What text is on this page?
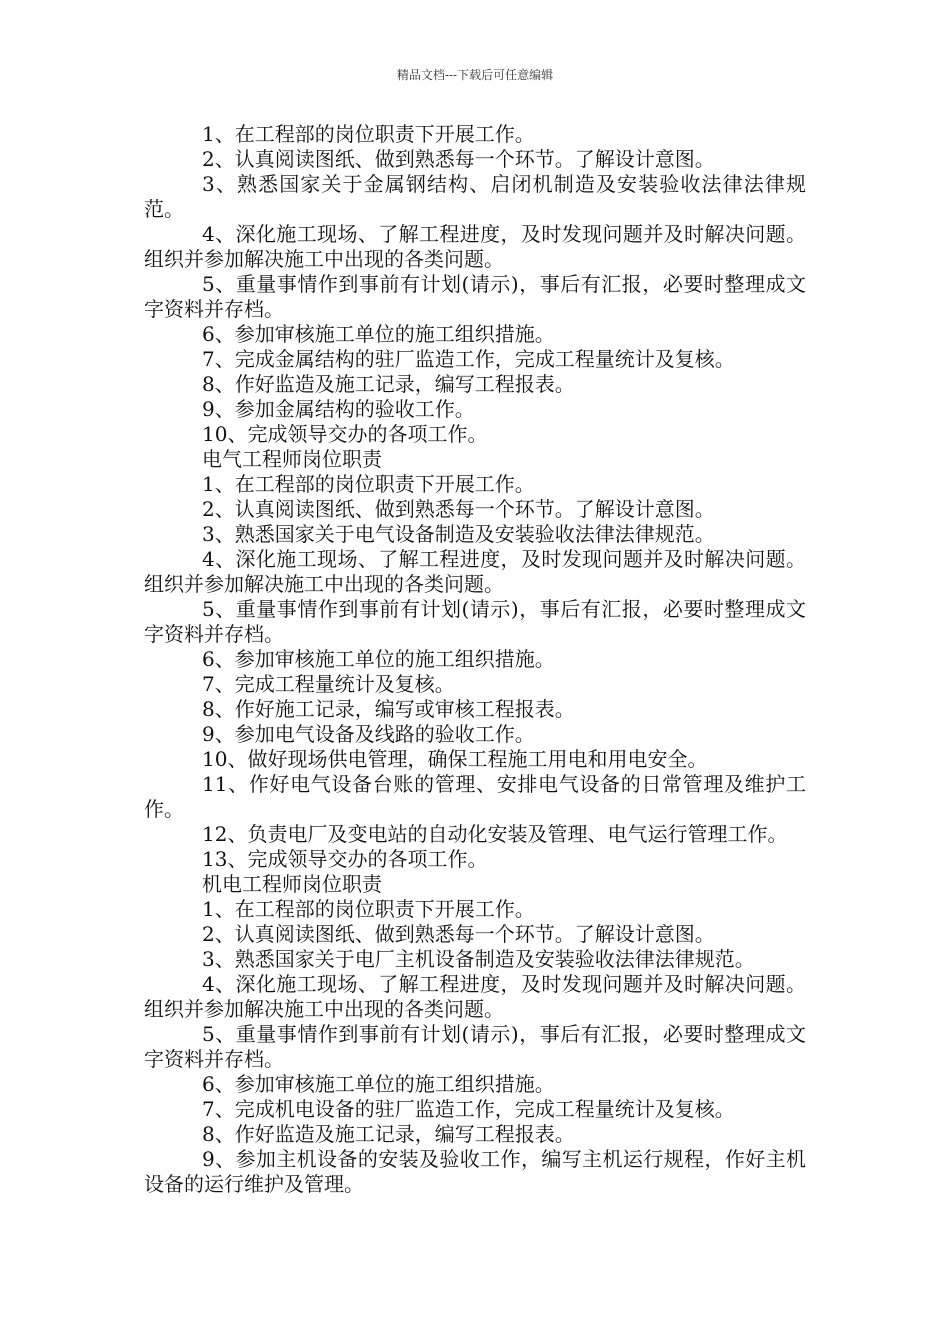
精品文档---下载后可任意编辑

1、在工程部的岗位职责下开展工作。

2、认真阅读图纸、做到熟悉每一个环节。了解设计意图。

3、熟悉国家关于金属钢结构、启闭机制造及安装验收法律法律规范。

4、深化施工现场、了解工程进度，及时发现问题并及时解决问题。组织并参加解决施工中出现的各类问题。

5、重量事情作到事前有计划(请示)，事后有汇报，必要时整理成文字资料并存档。

6、参加审核施工单位的施工组织措施。

7、完成金属结构的驻厂监造工作，完成工程量统计及复核。

8、作好监造及施工记录，编写工程报表。

9、参加金属结构的验收工作。

10、完成领导交办的各项工作。

电气工程师岗位职责

1、在工程部的岗位职责下开展工作。

2、认真阅读图纸、做到熟悉每一个环节。了解设计意图。

3、熟悉国家关于电气设备制造及安装验收法律法律规范。

4、深化施工现场、了解工程进度，及时发现问题并及时解决问题。组织并参加解决施工中出现的各类问题。

5、重量事情作到事前有计划(请示)，事后有汇报，必要时整理成文字资料并存档。

6、参加审核施工单位的施工组织措施。

7、完成工程量统计及复核。

8、作好施工记录，编写或审核工程报表。

9、参加电气设备及线路的验收工作。

10、做好现场供电管理，确保工程施工用电和用电安全。

11、作好电气设备台账的管理、安排电气设备的日常管理及维护工作。

12、负责电厂及变电站的自动化安装及管理、电气运行管理工作。

13、完成领导交办的各项工作。

机电工程师岗位职责

1、在工程部的岗位职责下开展工作。

2、认真阅读图纸、做到熟悉每一个环节。了解设计意图。

3、熟悉国家关于电厂主机设备制造及安装验收法律法律规范。

4、深化施工现场、了解工程进度，及时发现问题并及时解决问题。组织并参加解决施工中出现的各类问题。

5、重量事情作到事前有计划(请示)，事后有汇报，必要时整理成文字资料并存档。

6、参加审核施工单位的施工组织措施。

7、完成机电设备的驻厂监造工作，完成工程量统计及复核。

8、作好监造及施工记录，编写工程报表。

9、参加主机设备的安装及验收工作，编写主机运行规程，作好主机设备的运行维护及管理。
